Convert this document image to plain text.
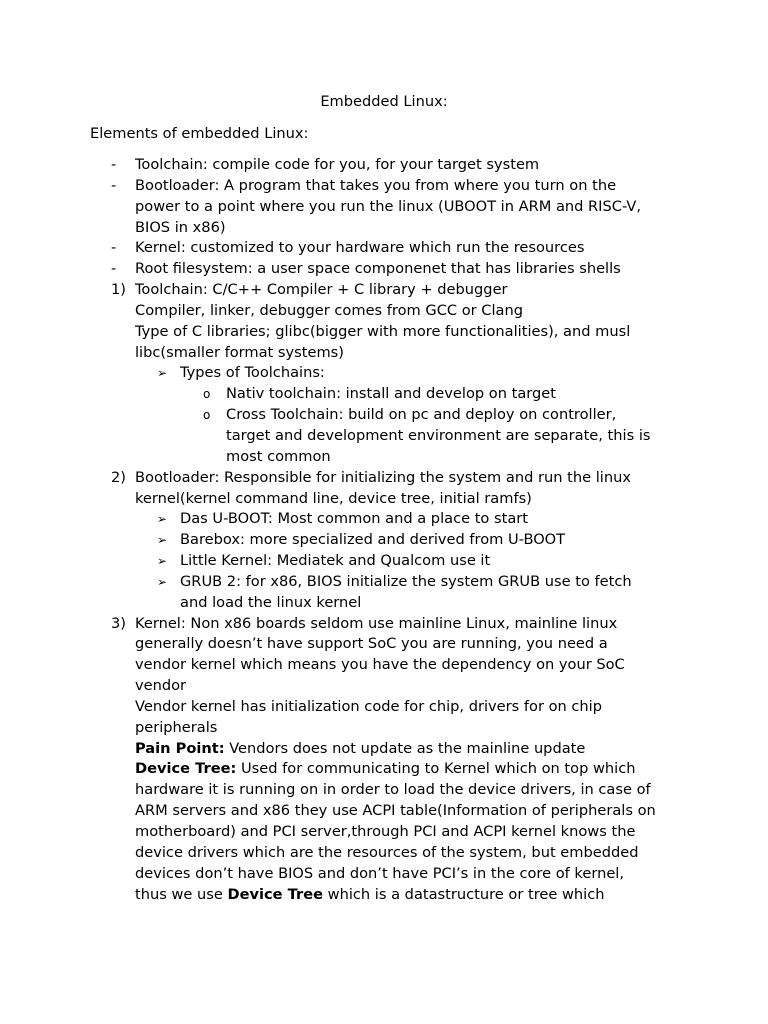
Embedded Linux:
Elements of embedded Linux:
- Toolchain: compile code for you, for your target system
- Bootloader: A program that takes you from where you turn on the
power to a point where you run the linux (UBOOT in ARM and RISC-V,
BIOS in x86)
- Kernel: customized to your hardware which run the resources
- Root filesystem: a user space componenet that has libraries shells
1) Toolchain: C/C++ Compiler + C library + debugger
Compiler, linker, debugger comes from GCC or Clang
Type of C libraries; glibc(bigger with more functionalities), and musl
libc(smaller format systems)
➢ Types of Toolchains:
o Nativ toolchain: install and develop on target
o Cross Toolchain: build on pc and deploy on controller,
target and development environment are separate, this is
most common
2) Bootloader: Responsible for initializing the system and run the linux
kernel(kernel command line, device tree, initial ramfs)
➢ Das U-BOOT: Most common and a place to start
➢ Barebox: more specialized and derived from U-BOOT
➢ Little Kernel: Mediatek and Qualcom use it
➢ GRUB 2: for x86, BIOS initialize the system GRUB use to fetch
and load the linux kernel
3) Kernel: Non x86 boards seldom use mainline Linux, mainline linux
generally doesn’t have support SoC you are running, you need a
vendor kernel which means you have the dependency on your SoC
vendor
Vendor kernel has initialization code for chip, drivers for on chip
peripherals
Pain Point: Vendors does not update as the mainline update
Device Tree: Used for communicating to Kernel which on top which
hardware it is running on in order to load the device drivers, in case of
ARM servers and x86 they use ACPI table(Information of peripherals on
motherboard) and PCI server,through PCI and ACPI kernel knows the
device drivers which are the resources of the system, but embedded
devices don’t have BIOS and don’t have PCI’s in the core of kernel,
thus we use Device Tree which is a datastructure or tree which
